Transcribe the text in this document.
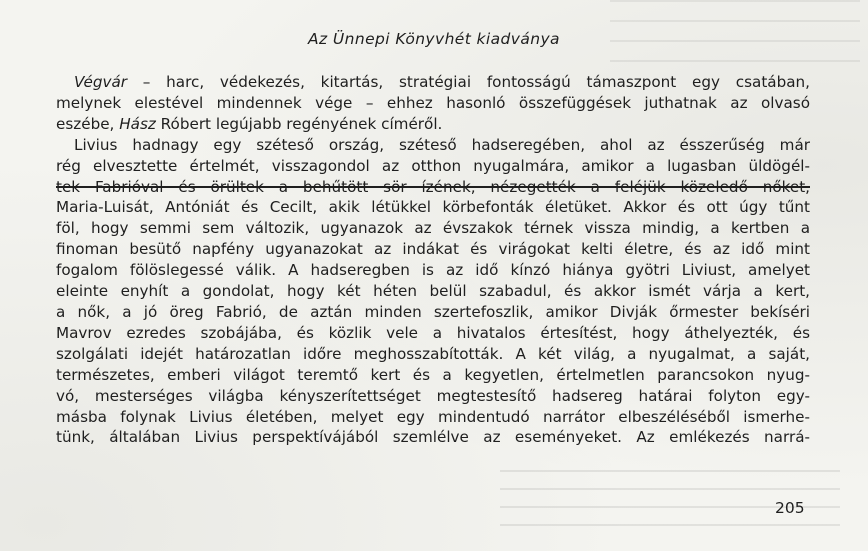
Az Ünnepi Könyvhét kiadványa
Végvár – harc, védekezés, kitartás, stratégiai fontosságú támaszpont egy csatában,
melynek elestével mindennek vége – ehhez hasonló összefüggések juthatnak az olvasó
eszébe, Hász Róbert legújabb regényének címéről.
Livius hadnagy egy széteső ország, széteső hadseregében, ahol az ésszerűség már
rég elvesztette értelmét, visszagondol az otthon nyugalmára, amikor a lugasban üldögél-
tek Fabrióval és örültek a behűtött sör ízének, nézegették a feléjük közeledő nőket,
Maria-Luisát, Antóniát és Cecilt, akik létükkel körbefonták életüket. Akkor és ott úgy tűnt
föl, hogy semmi sem változik, ugyanazok az évszakok térnek vissza mindig, a kertben a
finoman besütő napfény ugyanazokat az indákat és virágokat kelti életre, és az idő mint
fogalom fölöslegessé válik. A hadseregben is az idő kínzó hiánya gyötri Liviust, amelyet
eleinte enyhít a gondolat, hogy két héten belül szabadul, és akkor ismét várja a kert,
a nők, a jó öreg Fabrió, de aztán minden szertefoszlik, amikor Divják őrmester bekíséri
Mavrov ezredes szobájába, és közlik vele a hivatalos értesítést, hogy áthelyezték, és
szolgálati idejét határozatlan időre meghosszabították. A két világ, a nyugalmat, a saját,
természetes, emberi világot teremtő kert és a kegyetlen, értelmetlen parancsokon nyug-
vó, mesterséges világba kényszerítettséget megtestesítő hadsereg határai folyton egy-
másba folynak Livius életében, melyet egy mindentudó narrátor elbeszéléséből ismerhe-
tünk, általában Livius perspektívájából szemlélve az eseményeket. Az emlékezés narrá-
205
